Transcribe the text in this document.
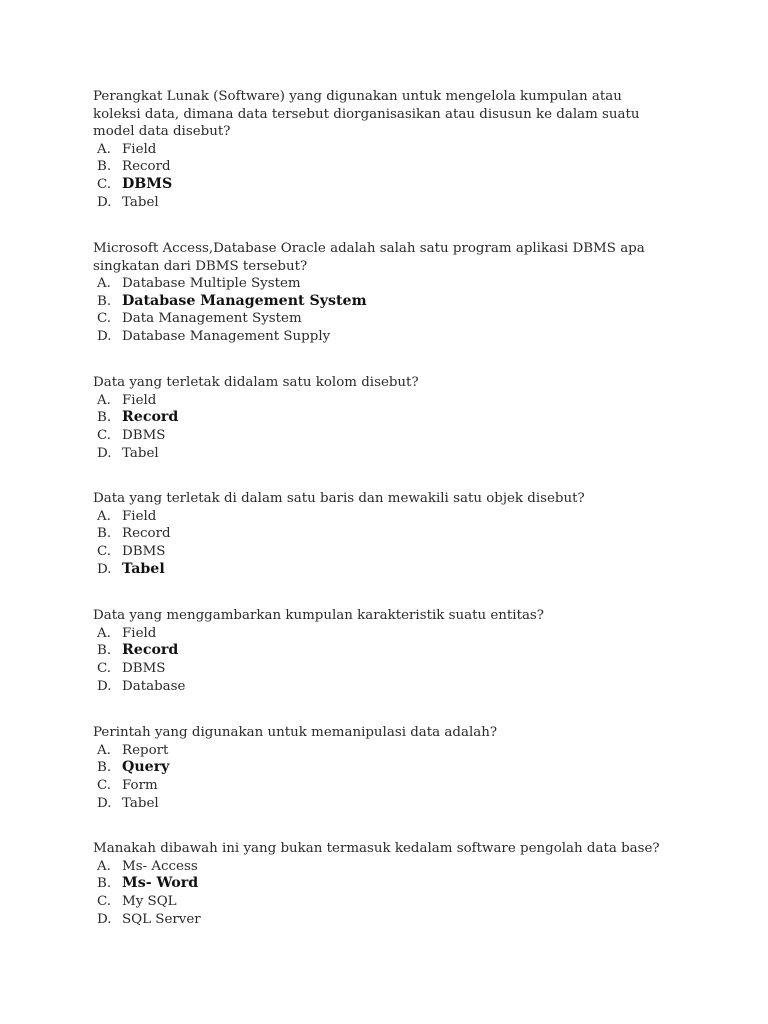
Perangkat Lunak (Software) yang digunakan untuk mengelola kumpulan atau
koleksi data, dimana data tersebut diorganisasikan atau disusun ke dalam suatu
model data disebut?

A. Field
B. Record
C. DBMS
D. Tabel

Microsoft Access,Database Oracle adalah salah satu program aplikasi DBMS apa
singkatan dari DBMS tersebut?

A. Database Multiple System
B. Database Management System
C. Data Management System
D. Database Management Supply

Data yang terletak didalam satu kolom disebut?

A. Field
B. Record
C. DBMS
D. Tabel

Data yang terletak di dalam satu baris dan mewakili satu objek disebut?

A. Field
B. Record
C. DBMS
D. Tabel

Data yang menggambarkan kumpulan karakteristik suatu entitas?

A. Field
B. Record
C. DBMS
D. Database

Perintah yang digunakan untuk memanipulasi data adalah?

A. Report
B. Query
C. Form
D. Tabel

Manakah dibawah ini yang bukan termasuk kedalam software pengolah data base?

A. Ms- Access
B. Ms- Word
C. My SQL
D. SQL Server
